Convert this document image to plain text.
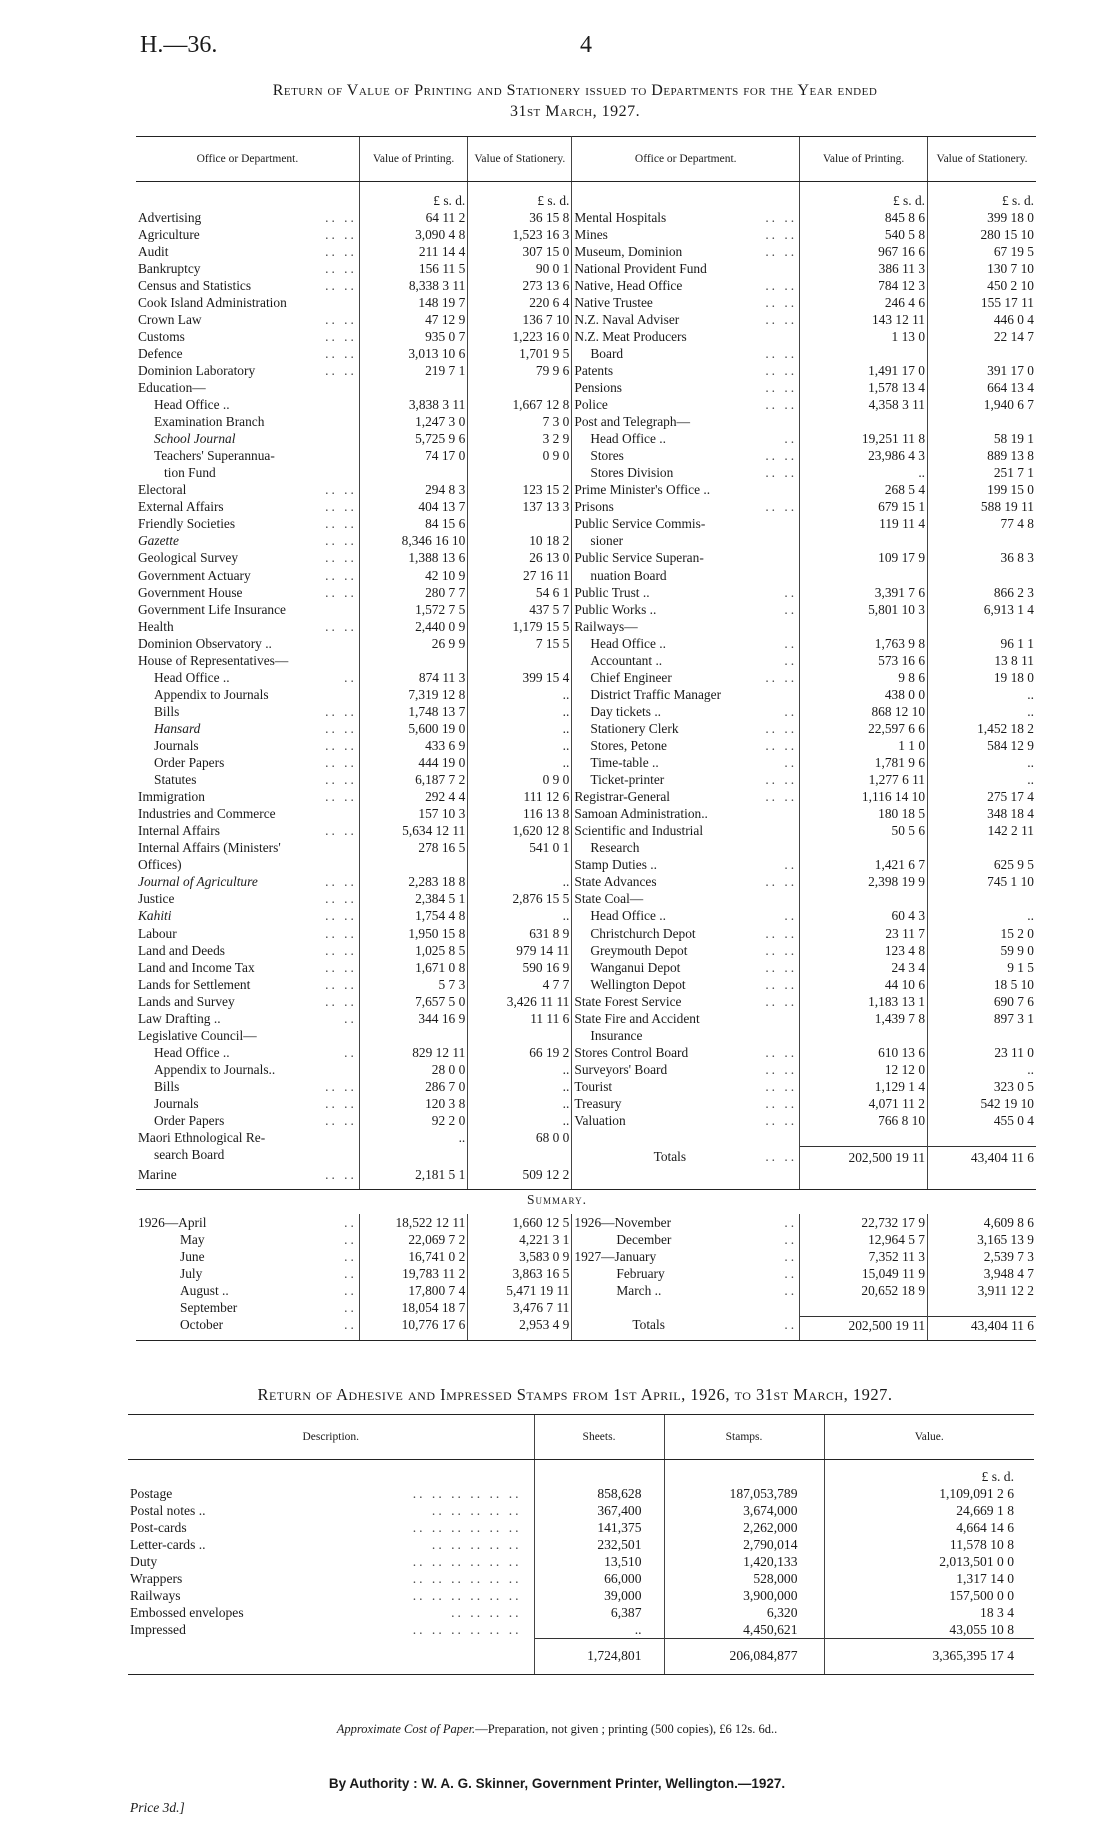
H.—36.	4
Return of Value of Printing and Stationery issued to Departments for the Year ended
31st March, 1927.
Office or Department.	Value of Printing.	Value of Stationery.	Office or Department.	Value of Printing.	Value of Stationery.

	£ s. d.	£ s. d.		£ s. d.	£ s. d.
Advertising .. ..	64 11 2	36 15 8	Mental Hospitals .. ..	845 8 6	399 18 0
Agriculture .. ..	3,090 4 8	1,523 16 3	Mines .. ..	540 5 8	280 15 10
Audit .. ..	211 14 4	307 15 0	Museum, Dominion .. ..	967 16 6	67 19 5
Bankruptcy .. ..	156 11 5	90 0 1	National Provident Fund	386 11 3	130 7 10
Census and Statistics .. ..	8,338 3 11	273 13 6	Native, Head Office .. ..	784 12 3	450 2 10
Cook Island Administration	148 19 7	220 6 4	Native Trustee .. ..	246 4 6	155 17 11
Crown Law .. ..	47 12 9	136 7 10	N.Z. Naval Adviser .. ..	143 12 11	446 0 4
Customs .. ..	935 0 7	1,223 16 0	N.Z. Meat Producers	1 13 0	22 14 7
Defence .. ..	3,013 10 6	1,701 9 5	Board .. ..		

Dominion Laboratory .. ..	219 7 1	79 9 6	Patents .. ..	1,491 17 0	391 17 0
Education—			Pensions .. ..	1,578 13 4	664 13 4
Head Office ..	3,838 3 11	1,667 12 8	Police .. ..	4,358 3 11	1,940 6 7
Examination Branch	1,247 3 0	7 3 0	Post and Telegraph—		
School Journal	5,725 9 6	3 2 9	Head Office .. ..	19,251 11 8	58 19 1
Teachers' Superannua-	74 17 0	0 9 0	Stores .. ..	23,986 4 3	889 13 8
tion Fund			Stores Division .. ..	..	251 7 1
Electoral .. ..	294 8 3	123 15 2	Prime Minister's Office ..	268 5 4	199 15 0
External Affairs .. ..	404 13 7	137 13 3	Prisons .. ..	679 15 1	588 19 11
Friendly Societies .. ..	84 15 6		Public Service Commis-	119 11 4	77 4 8
Gazette .. ..	8,346 16 10	10 18 2	sioner		
Geological Survey .. ..	1,388 13 6	26 13 0	Public Service Superan-	109 17 9	36 8 3
Government Actuary .. ..	42 10 9	27 16 11	nuation Board		
Government House .. ..	280 7 7	54 6 1	Public Trust .. ..	3,391 7 6	866 2 3
Government Life Insurance	1,572 7 5	437 5 7	Public Works .. ..	5,801 10 3	6,913 1 4
Health .. ..	2,440 0 9	1,179 15 5	Railways—		
Dominion Observatory ..	26 9 9	7 15 5	Head Office .. ..	1,763 9 8	96 1 1
House of Representatives—			Accountant .. ..	573 16 6	13 8 11
Head Office .. ..	874 11 3	399 15 4	Chief Engineer .. ..	9 8 6	19 18 0
Appendix to Journals	7,319 12 8	..	District Traffic Manager	438 0 0	..
Bills .. ..	1,748 13 7	..	Day tickets .. ..	868 12 10	..
Hansard .. ..	5,600 19 0	..	Stationery Clerk .. ..	22,597 6 6	1,452 18 2
Journals .. ..	433 6 9	..	Stores, Petone .. ..	1 1 0	584 12 9
Order Papers .. ..	444 19 0	..	Time-table .. ..	1,781 9 6	..
Statutes .. ..	6,187 7 2	0 9 0	Ticket-printer .. ..	1,277 6 11	..
Immigration .. ..	292 4 4	111 12 6	Registrar-General .. ..	1,116 14 10	275 17 4
Industries and Commerce	157 10 3	116 13 8	Samoan Administration..	180 18 5	348 18 4
Internal Affairs .. ..	5,634 12 11	1,620 12 8	Scientific and Industrial	50 5 6	142 2 11
Internal Affairs (Ministers'	278 16 5	541 0 1	Research		
Offices)			Stamp Duties .. ..	1,421 6 7	625 9 5
Journal of Agriculture .. ..	2,283 18 8	..	State Advances .. ..	2,398 19 9	745 1 10
Justice .. ..	2,384 5 1	2,876 15 5	State Coal—		
Kahiti .. ..	1,754 4 8	..	Head Office .. ..	60 4 3	..
Labour .. ..	1,950 15 8	631 8 9	Christchurch Depot .. ..	23 11 7	15 2 0
Land and Deeds .. ..	1,025 8 5	979 14 11	Greymouth Depot .. ..	123 4 8	59 9 0
Land and Income Tax .. ..	1,671 0 8	590 16 9	Wanganui Depot .. ..	24 3 4	9 1 5
Lands for Settlement .. ..	5 7 3	4 7 7	Wellington Depot .. ..	44 10 6	18 5 10
Lands and Survey .. ..	7,657 5 0	3,426 11 11	State Forest Service .. ..	1,183 13 1	690 7 6
Law Drafting .. ..	344 16 9	11 11 6	State Fire and Accident	1,439 7 8	897 3 1
Legislative Council—			Insurance		
Head Office .. ..	829 12 11	66 19 2	Stores Control Board .. ..	610 13 6	23 11 0
Appendix to Journals..	28 0 0	..	Surveyors' Board .. ..	12 12 0	..
Bills .. ..	286 7 0	..	Tourist .. ..	1,129 1 4	323 0 5
Journals .. ..	120 3 8	..	Treasury .. ..	4,071 11 2	542 19 10
Order Papers .. ..	92 2 0	..	Valuation .. ..	766 8 10	455 0 4
Maori Ethnological Re-	..	68 0 0			
search Board			Totals .. ..	202,500 19 11	43,404 11 6
Marine .. ..	2,181 5 1	509 12 2			

Summary.
1926—April ..	18,522 12 11	1,660 12 5	1926—November ..	22,732 17 9	4,609 8 6
May ..	22,069 7 2	4,221 3 1	December ..	12,964 5 7	3,165 13 9
June ..	16,741 0 2	3,583 0 9	1927—January ..	7,352 11 3	2,539 7 3
July ..	19,783 11 2	3,863 16 5	February ..	15,049 11 9	3,948 4 7
August .. ..	17,800 7 4	5,471 19 11	March .. ..	20,652 18 9	3,911 12 2
September ..	18,054 18 7	3,476 7 11			
October ..	10,776 17 6	2,953 4 9	Totals ..	202,500 19 11	43,404 11 6

Return of Adhesive and Impressed Stamps from 1st April, 1926, to 31st March, 1927.
Description.	Sheets.	Stamps.	Value.

			£ s. d.
Postage .. .. .. .. .. ..	858,628	187,053,789	1,109,091 2 6
Postal notes .. .. .. .. .. ..	367,400	3,674,000	24,669 1 8
Post-cards .. .. .. .. .. ..	141,375	2,262,000	4,664 14 6
Letter-cards .. .. .. .. .. ..	232,501	2,790,014	11,578 10 8
Duty .. .. .. .. .. ..	13,510	1,420,133	2,013,501 0 0
Wrappers .. .. .. .. .. ..	66,000	528,000	1,317 14 0
Railways .. .. .. .. .. ..	39,000	3,900,000	157,500 0 0
Embossed envelopes .. .. .. ..	6,387	6,320	18 3 4
Impressed .. .. .. .. .. ..	..	4,450,621	43,055 10 8
	1,724,801	206,084,877	3,365,395 17 4
Approximate Cost of Paper.—Preparation, not given ; printing (500 copies), £6 12s. 6d..
By Authority : W. A. G. Skinner, Government Printer, Wellington.—1927.
Price 3d.]
